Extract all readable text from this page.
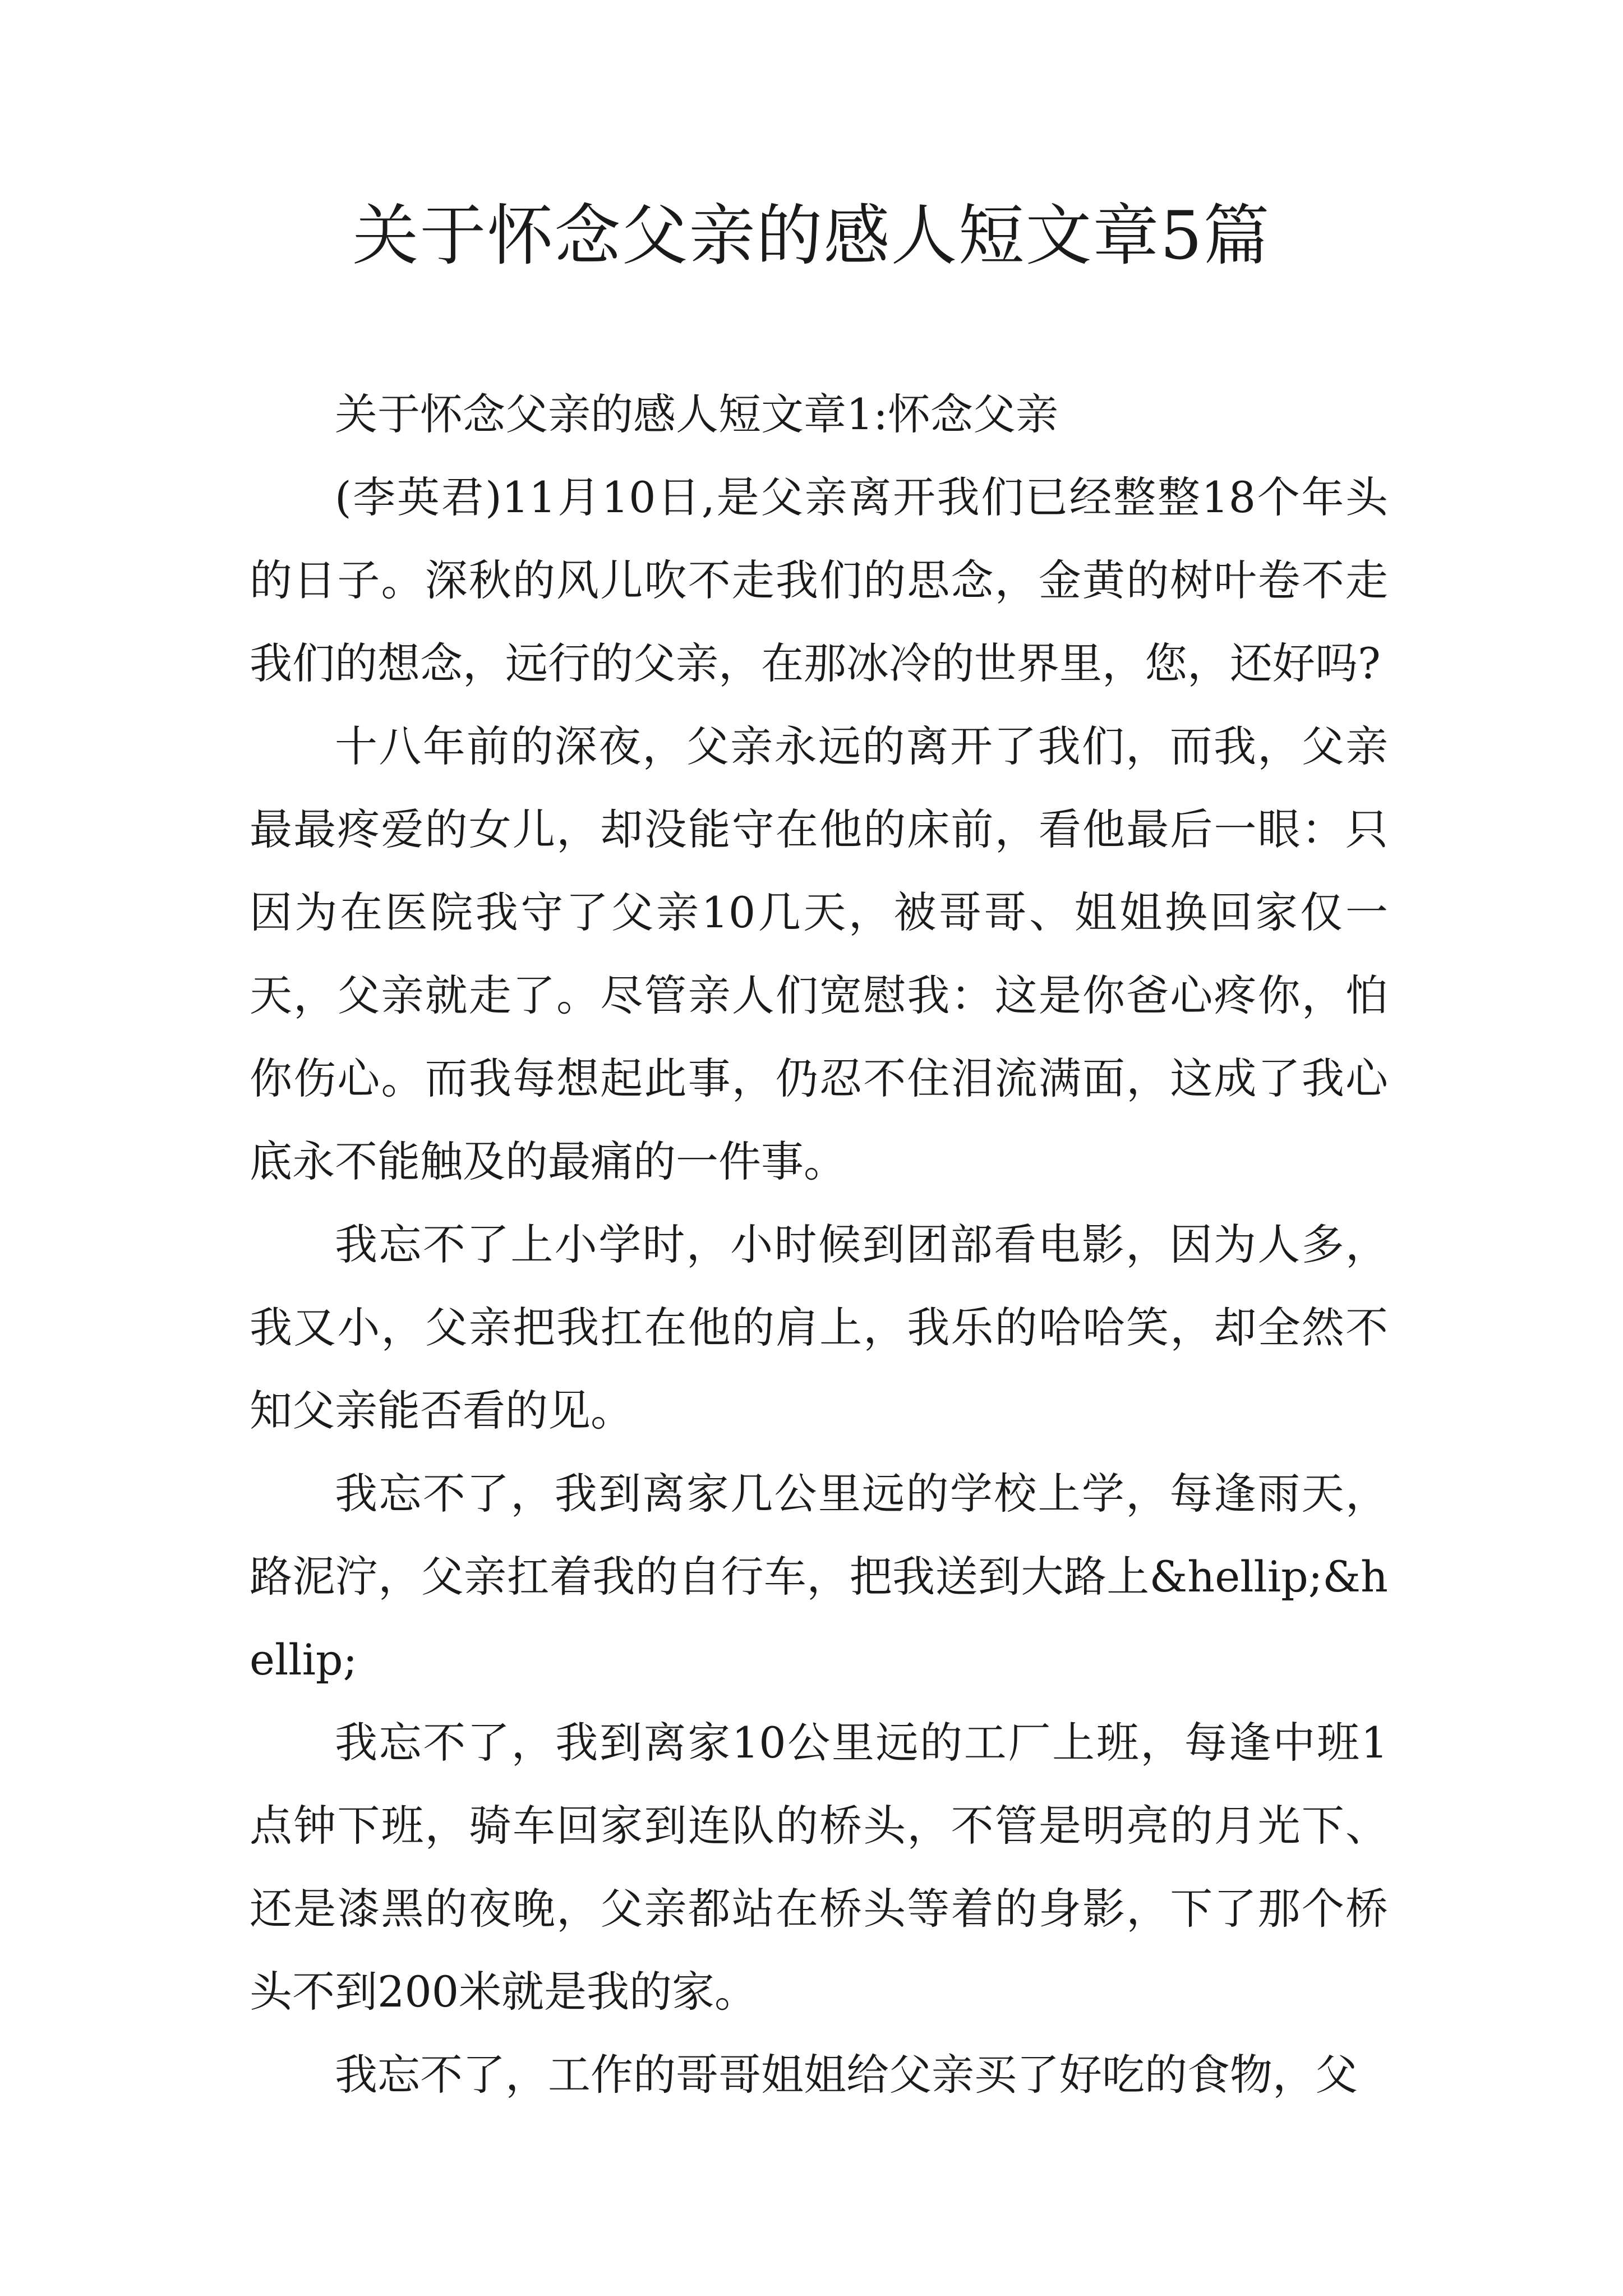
关于怀念父亲的感人短文章5篇

关于怀念父亲的感人短文章1:怀念父亲

(李英君)11月10日,是父亲离开我们已经整整18个年头的日子。深秋的风儿吹不走我们的思念，金黄的树叶卷不走我们的想念，远行的父亲，在那冰冷的世界里，您，还好吗?

十八年前的深夜，父亲永远的离开了我们，而我，父亲最最疼爱的女儿，却没能守在他的床前，看他最后一眼：只因为在医院我守了父亲10几天，被哥哥、姐姐换回家仅一天，父亲就走了。尽管亲人们宽慰我：这是你爸心疼你，怕你伤心。而我每想起此事，仍忍不住泪流满面，这成了我心底永不能触及的最痛的一件事。

我忘不了上小学时，小时候到团部看电影，因为人多，我又小，父亲把我扛在他的肩上，我乐的哈哈笑，却全然不知父亲能否看的见。

我忘不了，我到离家几公里远的学校上学，每逢雨天，路泥泞，父亲扛着我的自行车，把我送到大路上&hellip;&hellip;

我忘不了，我到离家10公里远的工厂上班，每逢中班1点钟下班，骑车回家到连队的桥头，不管是明亮的月光下、还是漆黑的夜晚，父亲都站在桥头等着的身影，下了那个桥头不到200米就是我的家。

我忘不了，工作的哥哥姐姐给父亲买了好吃的食物，父
